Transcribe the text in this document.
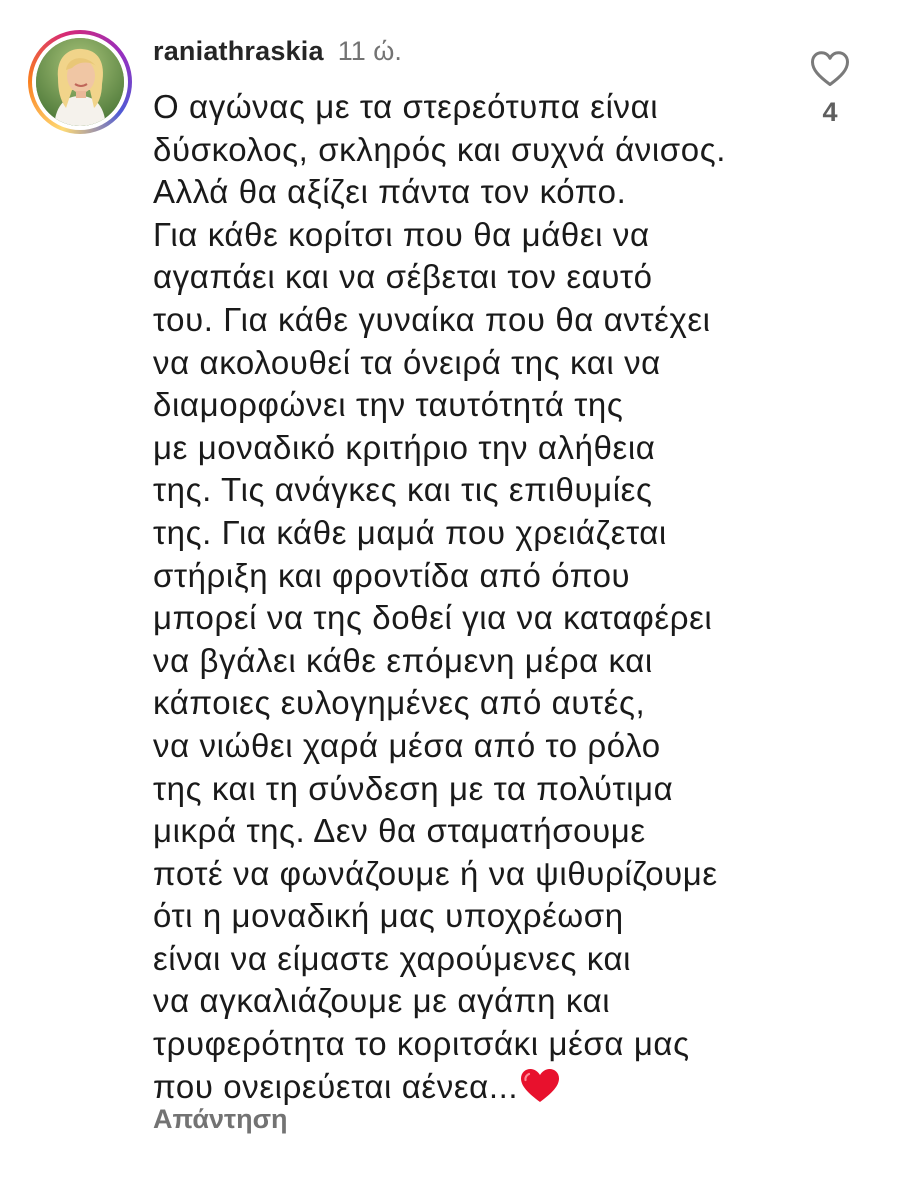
raniathraskia 11 ώ.
Ο αγώνας με τα στερεότυπα είναι
δύσκολος, σκληρός και συχνά άνισος.
Αλλά θα αξίζει πάντα τον κόπο.
Για κάθε κορίτσι που θα μάθει να
αγαπάει και να σέβεται τον εαυτό
του. Για κάθε γυναίκα που θα αντέχει
να ακολουθεί τα όνειρά της και να
διαμορφώνει την ταυτότητά της
με μοναδικό κριτήριο την αλήθεια
της. Τις ανάγκες και τις επιθυμίες
της. Για κάθε μαμά που χρειάζεται
στήριξη και φροντίδα από όπου
μπορεί να της δοθεί για να καταφέρει
να βγάλει κάθε επόμενη μέρα και
κάποιες ευλογημένες από αυτές,
να νιώθει χαρά μέσα από το ρόλο
της και τη σύνδεση με τα πολύτιμα
μικρά της. Δεν θα σταματήσουμε
ποτέ να φωνάζουμε ή να ψιθυρίζουμε
ότι η μοναδική μας υποχρέωση
είναι να είμαστε χαρούμενες και
να αγκαλιάζουμε με αγάπη και
τρυφερότητα το κοριτσάκι μέσα μας
που ονειρεύεται αένεα...
Απάντηση
4
